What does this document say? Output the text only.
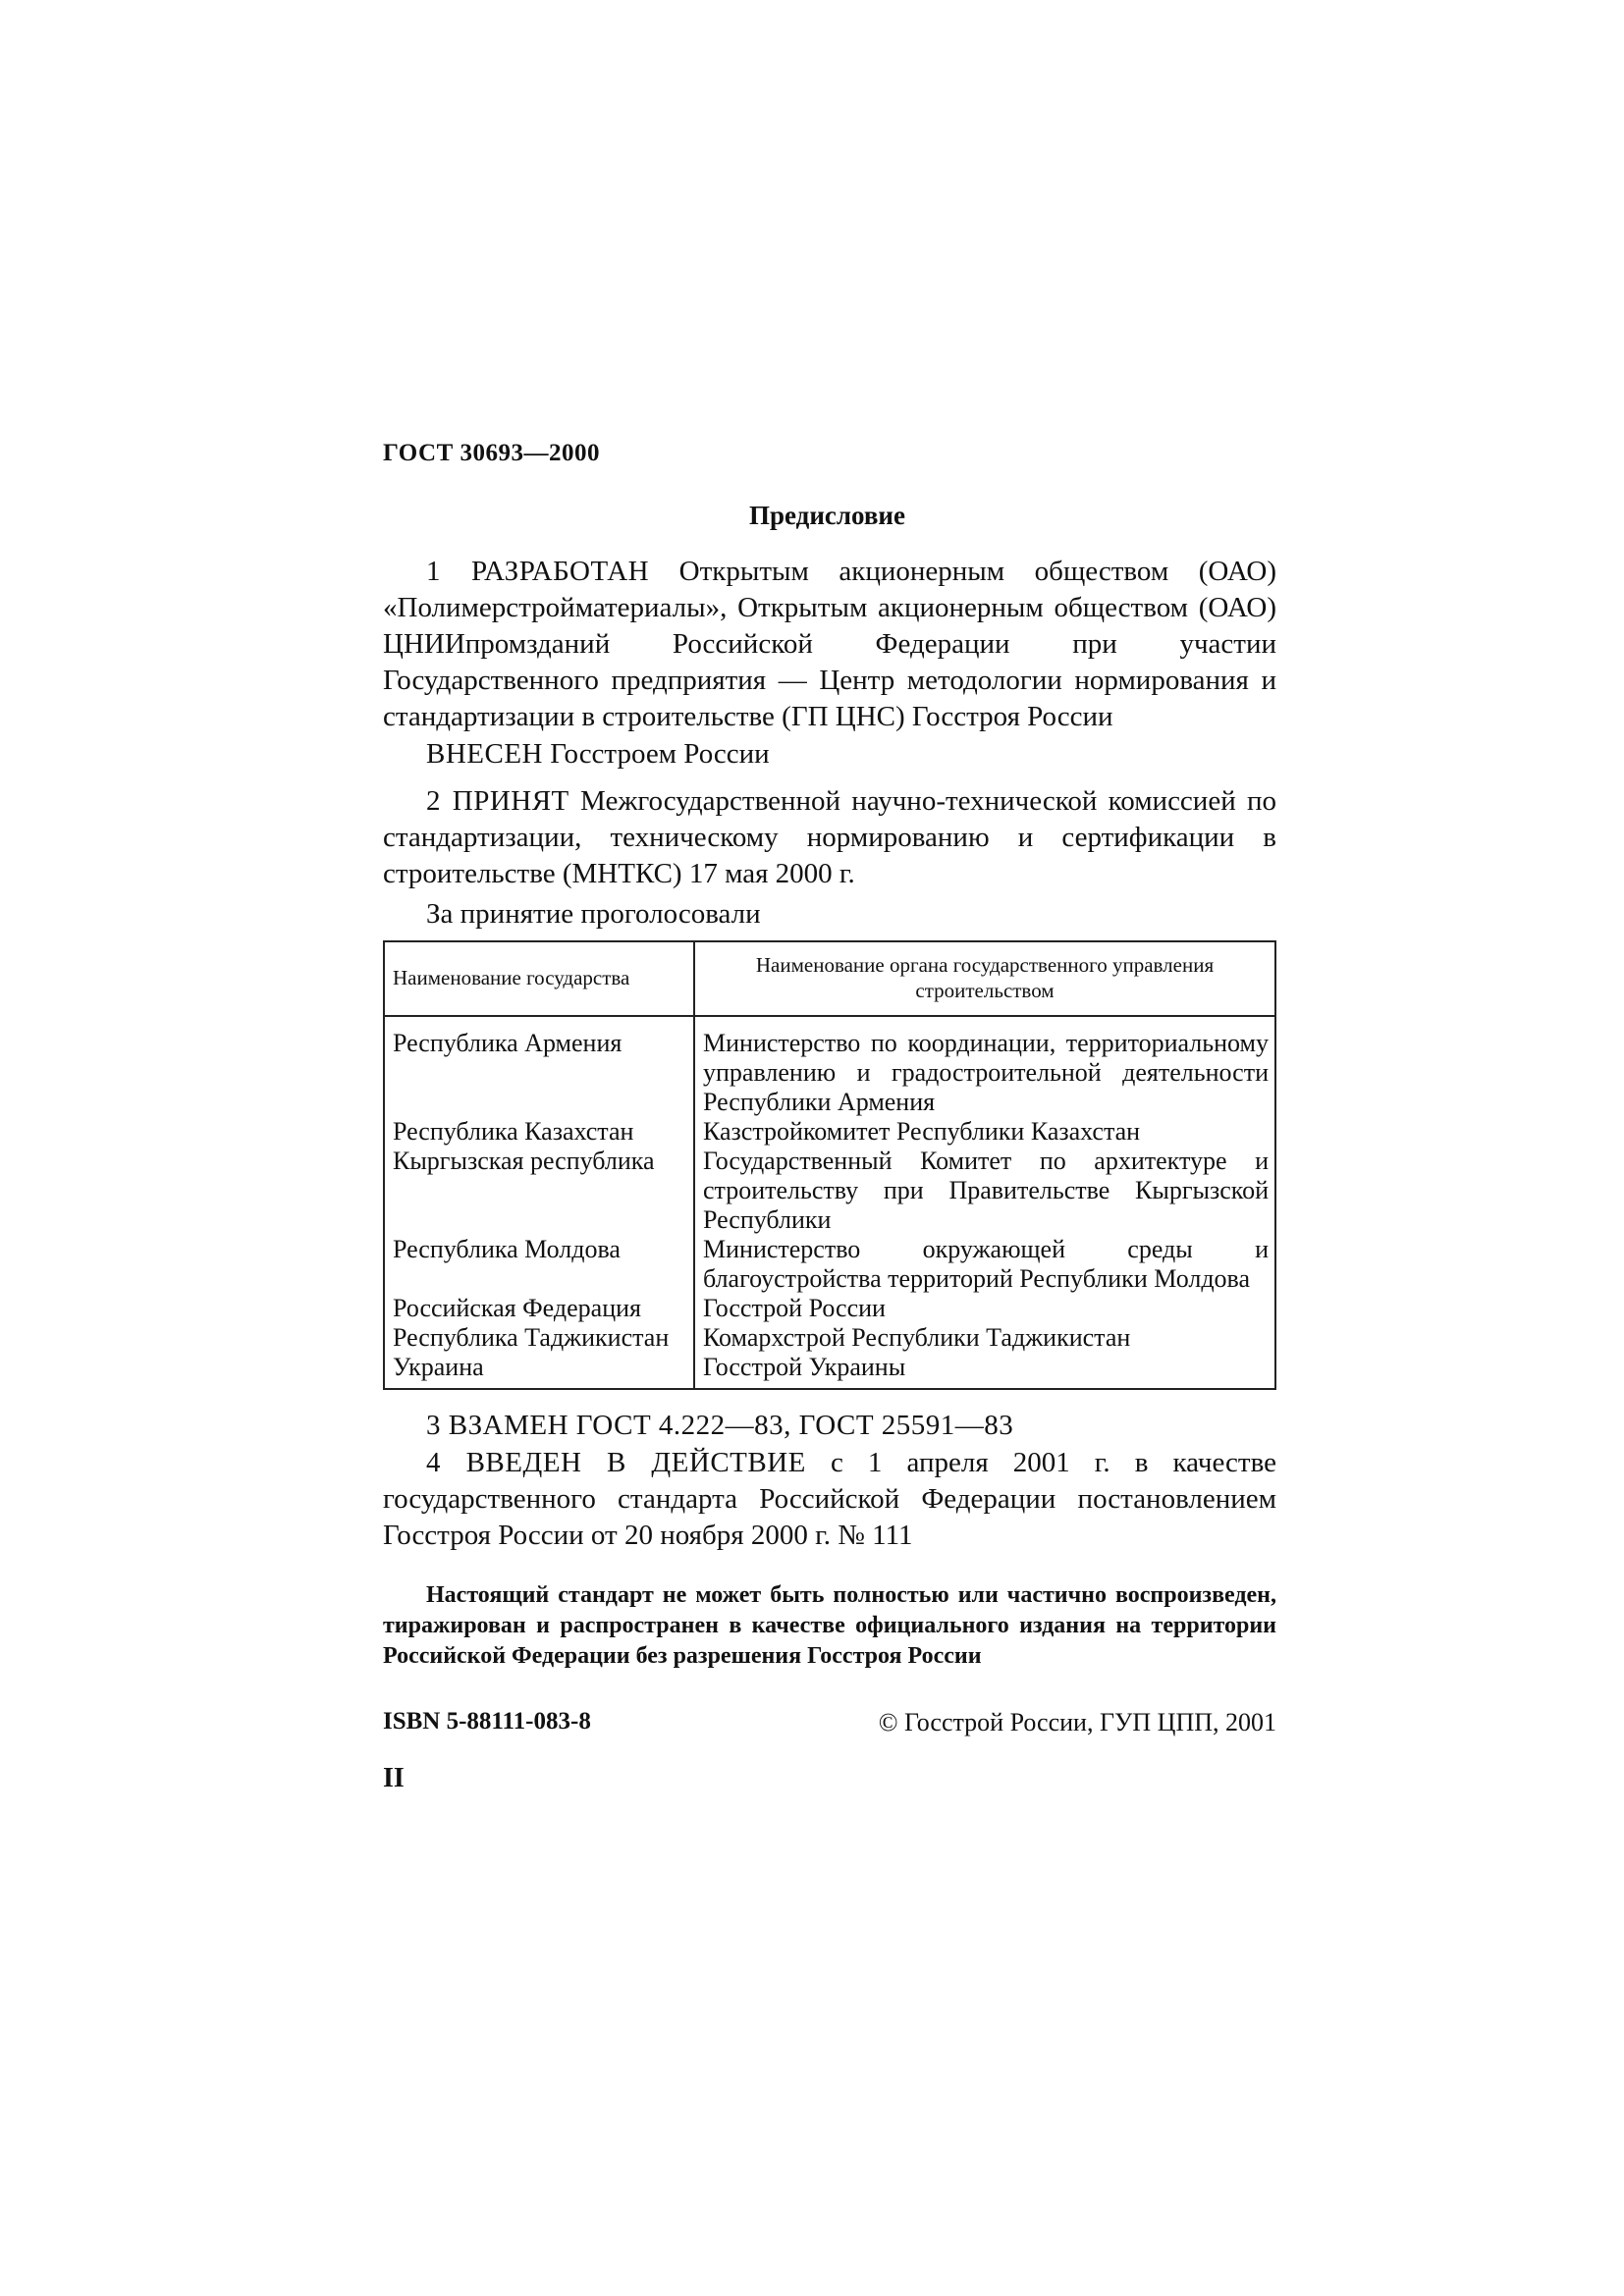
ГОСТ 30693—2000
Предисловие

1 РАЗРАБОТАН Открытым акционерным обществом (ОАО) «Полимерстройматериалы», Открытым акционерным обществом (ОАО) ЦНИИпромзданий Российской Федерации при участии Государственного предприятия — Центр методологии нормирования и стандартизации в строительстве (ГП ЦНС) Госстроя России

ВНЕСЕН Госстроем России

2 ПРИНЯТ Межгосударственной научно-технической комиссией по стандартизации, техническому нормированию и сертификации в строительстве (МНТКС) 17 мая 2000 г.

За принятие проголосовали

Наименование государства	Наименование органа государственного управления строительством
Республика Армения	Министерство по координации, территориальному управлению и градостроительной деятельности Республики Армения
Республика Казахстан	Казстройкомитет Республики Казахстан
Кыргызская республика	Государственный Комитет по архитектуре и строительству при Правительстве Кыргызской Республики
Республика Молдова	Министерство окружающей среды и благоустройства территорий Республики Молдова
Российская Федерация	Госстрой России
Республика Таджикистан	Комархстрой Республики Таджикистан
Украина	Госстрой Украины

3 ВЗАМЕН ГОСТ 4.222—83, ГОСТ 25591—83

4 ВВЕДЕН В ДЕЙСТВИЕ с 1 апреля 2001 г. в качестве государственного стандарта Российской Федерации постановлением Госстроя России от 20 ноября 2000 г. № 111

Настоящий стандарт не может быть полностью или частично воспроизведен, тиражирован и распространен в качестве официального издания на территории Российской Федерации без разрешения Госстроя России

ISBN 5-88111-083-8	© Госстрой России, ГУП ЦПП, 2001
II
